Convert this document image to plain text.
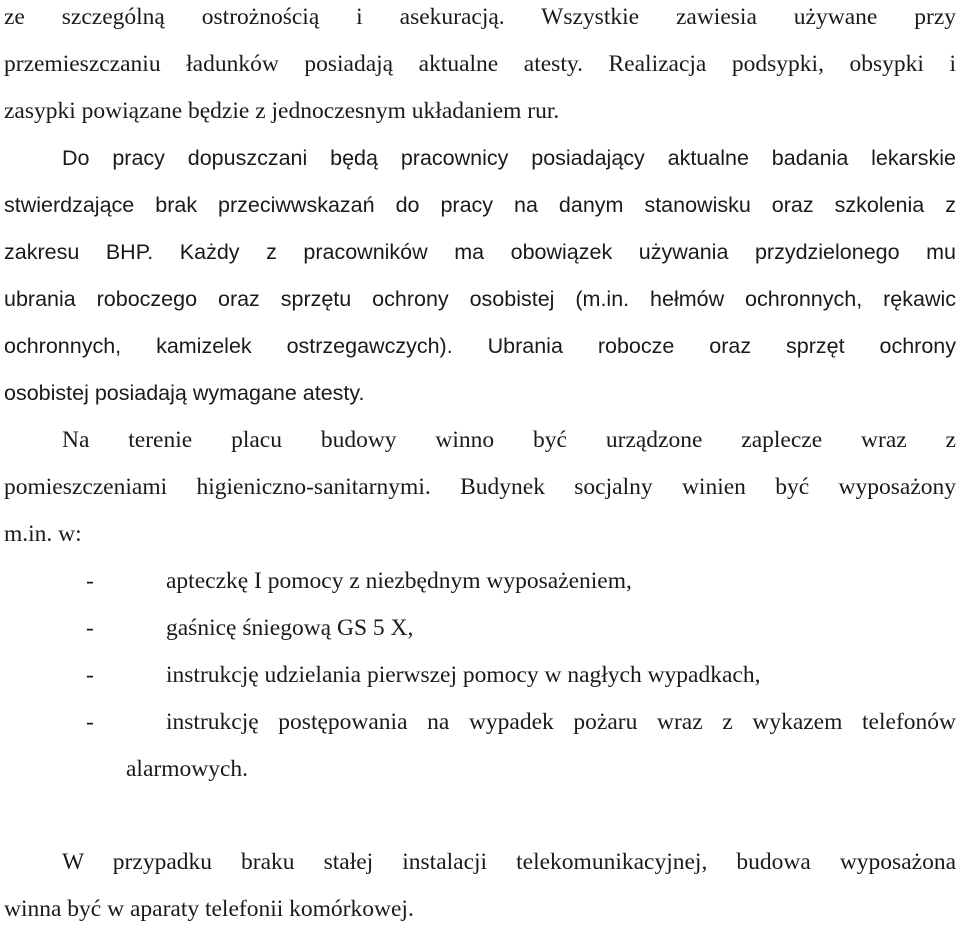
ze szczególną ostrożnością i asekuracją. Wszystkie zawiesia używane przy
przemieszczaniu ładunków posiadają aktualne atesty. Realizacja podsypki, obsypki i
zasypki powiązane będzie z jednoczesnym układaniem rur.
Do pracy dopuszczani będą pracownicy posiadający aktualne badania lekarskie
stwierdzające brak przeciwwskazań do pracy na danym stanowisku oraz szkolenia z
zakresu BHP. Każdy z pracowników ma obowiązek używania przydzielonego mu
ubrania roboczego oraz sprzętu ochrony osobistej (m.in. hełmów ochronnych, rękawic
ochronnych, kamizelek ostrzegawczych). Ubrania robocze oraz sprzęt ochrony
osobistej posiadają wymagane atesty.
Na terenie placu budowy winno być urządzone zaplecze wraz z
pomieszczeniami higieniczno-sanitarnymi. Budynek socjalny winien być wyposażony
m.in. w:
-	apteczkę I pomocy z niezbędnym wyposażeniem,
-	gaśnicę śniegową GS 5 X,
-	instrukcję udzielania pierwszej pomocy w nagłych wypadkach,
-	instrukcję postępowania na wypadek pożaru wraz z wykazem telefonów
alarmowych.
W przypadku braku stałej instalacji telekomunikacyjnej, budowa wyposażona
winna być w aparaty telefonii komórkowej.
